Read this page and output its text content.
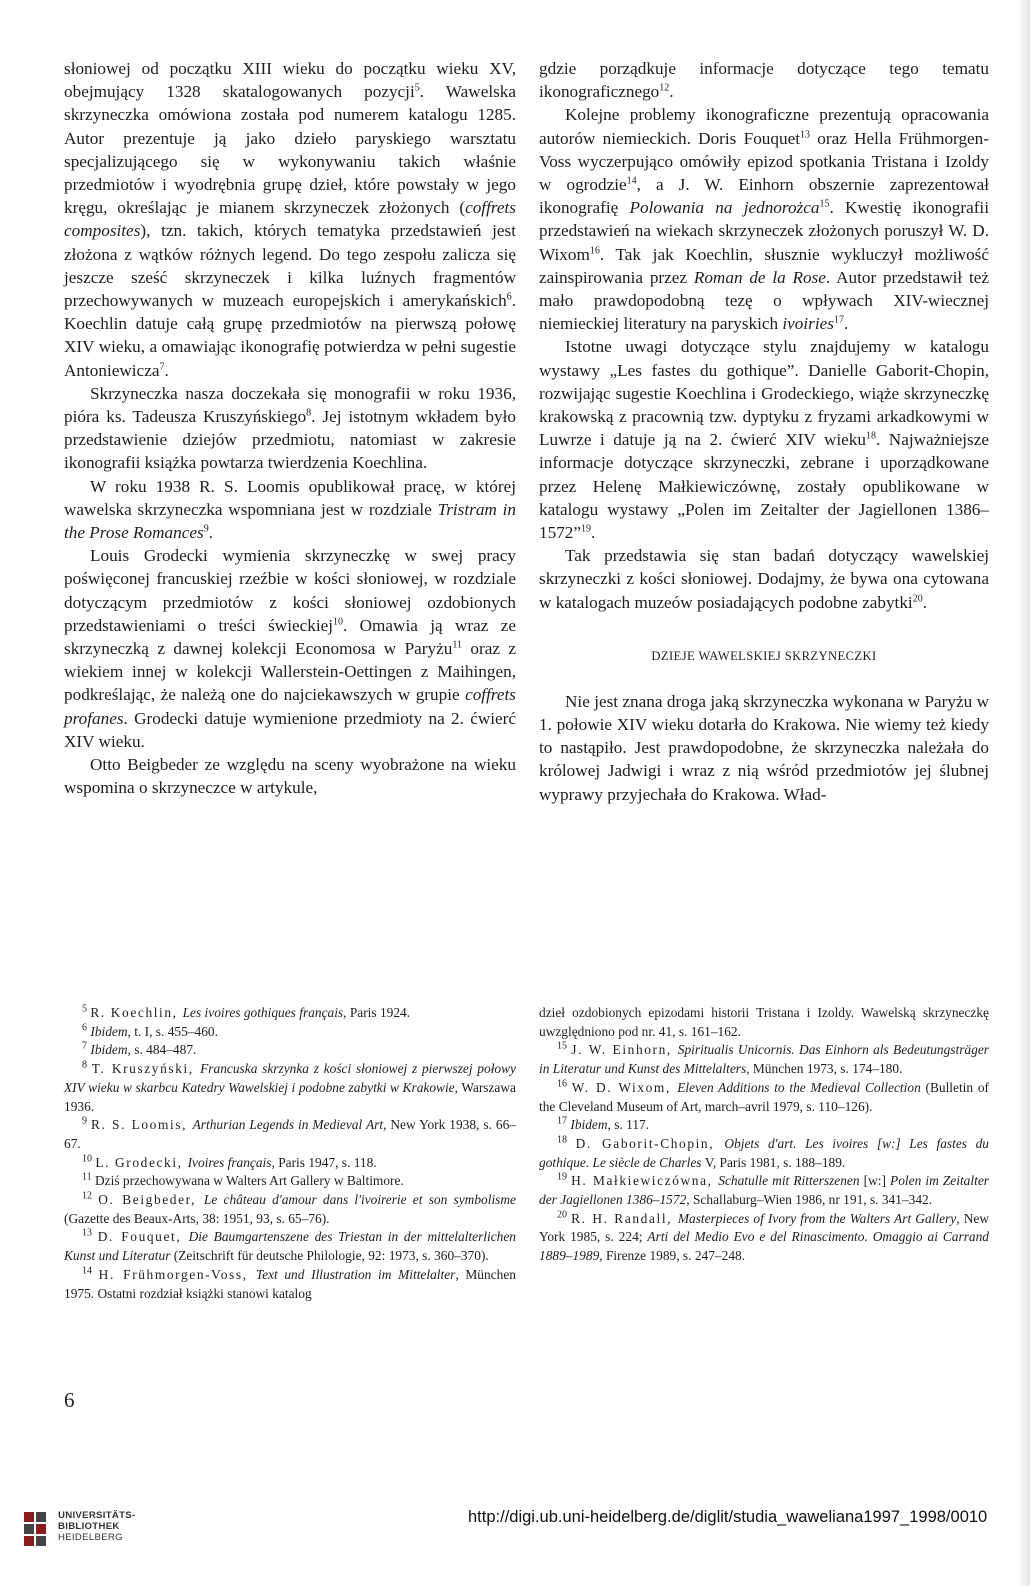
słoniowej od początku XIII wieku do początku wieku XV, obejmujący 1328 skatalogowanych pozycji$^5$. Wawelska skrzyneczka omówiona została pod numerem katalogu 1285. Autor prezentuje ją jako dzieło paryskiego warsztatu specjalizującego się w wykonywaniu takich właśnie przedmiotów i wyodrębnia grupę dzieł, które powstały w jego kręgu, określając je mianem skrzyneczek złożonych (coffrets composites), tzn. takich, których tematyka przedstawień jest złożona z wątków różnych legend. Do tego zespołu zalicza się jeszcze sześć skrzyneczek i kilka luźnych fragmentów przechowywanych w muzeach europejskich i amerykańskich$^6$. Koechlin datuje całą grupę przedmiotów na pierwszą połowę XIV wieku, a omawiając ikonografię potwierdza w pełni sugestie Antoniewicza$^7$.

Skrzyneczka nasza doczekała się monografii w roku 1936, pióra ks. Tadeusza Kruszyńskiego$^8$. Jej istotnym wkładem było przedstawienie dziejów przedmiotu, natomiast w zakresie ikonografii książka powtarza twierdzenia Koechlina.

W roku 1938 R. S. Loomis opublikował pracę, w której wawelska skrzyneczka wspomniana jest w rozdziale Tristram in the Prose Romances$^9$.

Louis Grodecki wymienia skrzyneczkę w swej pracy poświęconej francuskiej rzeźbie w kości słoniowej, w rozdziale dotyczącym przedmiotów z kości słoniowej ozdobionych przedstawieniami o treści świeckiej$^{10}$. Omawia ją wraz ze skrzyneczką z dawnej kolekcji Economosa w Paryżu$^{11}$ oraz z wiekiem innej w kolekcji Wallerstein-Oettingen z Maihingen, podkreślając, że należą one do najciekawszych w grupie coffrets profanes. Grodecki datuje wymienione przedmioty na 2. ćwierć XIV wieku.

Otto Beigbeder ze względu na sceny wyobrażone na wieku wspomina o skrzyneczce w artykule,

gdzie porządkuje informacje dotyczące tego tematu ikonograficznego$^{12}$.

Kolejne problemy ikonograficzne prezentują opracowania autorów niemieckich. Doris Fouquet$^{13}$ oraz Hella Frühmorgen-Voss wyczerpująco omówiły epizod spotkania Tristana i Izoldy w ogrodzie$^{14}$, a J. W. Einhorn obszernie zaprezentował ikonografię Polowania na jednorożca$^{15}$. Kwestię ikonografii przedstawień na wiekach skrzyneczek złożonych poruszył W. D. Wixom$^{16}$. Tak jak Koechlin, słusznie wykluczył możliwość zainspirowania przez Roman de la Rose. Autor przedstawił też mało prawdopodobną tezę o wpływach XIV-wiecznej niemieckiej literatury na paryskich ivoiries$^{17}$.

Istotne uwagi dotyczące stylu znajdujemy w katalogu wystawy „Les fastes du gothique”. Danielle Gaborit-Chopin, rozwijając sugestie Koechlina i Grodeckiego, wiąże skrzyneczkę krakowską z pracownią tzw. dyptyku z fryzami arkadkowymi w Luwrze i datuje ją na 2. ćwierć XIV wieku$^{18}$. Najważniejsze informacje dotyczące skrzyneczki, zebrane i uporządkowane przez Helenę Małkiewiczównę, zostały opublikowane w katalogu wystawy „Polen im Zeitalter der Jagiellonen 1386–1572”$^{19}$.

Tak przedstawia się stan badań dotyczący wawelskiej skrzyneczki z kości słoniowej. Dodajmy, że bywa ona cytowana w katalogach muzeów posiadających podobne zabytki$^{20}$.

DZIEJE WAWELSKIEJ SKRZYNECZKI

Nie jest znana droga jaką skrzyneczka wykonana w Paryżu w 1. połowie XIV wieku dotarła do Krakowa. Nie wiemy też kiedy to nastąpiło. Jest prawdopodobne, że skrzyneczka należała do królowej Jadwigi i wraz z nią wśród przedmiotów jej ślubnej wyprawy przyjechała do Krakowa. Wład-

$^5$ R. Koechlin, Les ivoires gothiques français, Paris 1924.

$^6$ Ibidem, t. I, s. 455–460.

$^7$ Ibidem, s. 484–487.

$^8$ T. Kruszyński, Francuska skrzynka z kości słoniowej z pierwszej połowy XIV wieku w skarbcu Katedry Wawelskiej i podobne zabytki w Krakowie, Warszawa 1936.

$^9$ R. S. Loomis, Arthurian Legends in Medieval Art, New York 1938, s. 66–67.

$^{10}$ L. Grodecki, Ivoires français, Paris 1947, s. 118.

$^{11}$ Dziś przechowywana w Walters Art Gallery w Baltimore.

$^{12}$ O. Beigbeder, Le château d'amour dans l'ivoirerie et son symbolisme (Gazette des Beaux-Arts, 38: 1951, 93, s. 65–76).

$^{13}$ D. Fouquet, Die Baumgartenszene des Triestan in der mittelalterlichen Kunst und Literatur (Zeitschrift für deutsche Philologie, 92: 1973, s. 360–370).

$^{14}$ H. Frühmorgen-Voss, Text und Illustration im Mittelalter, München 1975. Ostatni rozdział książki stanowi katalog

dzieł ozdobionych epizodami historii Tristana i Izoldy. Wawelską skrzyneczkę uwzględniono pod nr. 41, s. 161–162.

$^{15}$ J. W. Einhorn, Spiritualis Unicornis. Das Einhorn als Bedeutungsträger in Literatur und Kunst des Mittelalters, München 1973, s. 174–180.

$^{16}$ W. D. Wixom, Eleven Additions to the Medieval Collection (Bulletin of the Cleveland Museum of Art, march–avril 1979, s. 110–126).

$^{17}$ Ibidem, s. 117.

$^{18}$ D. Gaborit-Chopin, Objets d'art. Les ivoires [w:] Les fastes du gothique. Le siècle de Charles V, Paris 1981, s. 188–189.

$^{19}$ H. Małkiewiczówna, Schatulle mit Ritterszenen [w:] Polen im Zeitalter der Jagiellonen 1386–1572, Schallaburg–Wien 1986, nr 191, s. 341–342.

$^{20}$ R. H. Randall, Masterpieces of Ivory from the Walters Art Gallery, New York 1985, s. 224; Arti del Medio Evo e del Rinascimento. Omaggio ai Carrand 1889–1989, Firenze 1989, s. 247–248.

6
UNIVERSITÄTS-
BIBLIOTHEK
HEIDELBERG
http://digi.ub.uni-heidelberg.de/diglit/studia_waweliana1997_1998/0010
